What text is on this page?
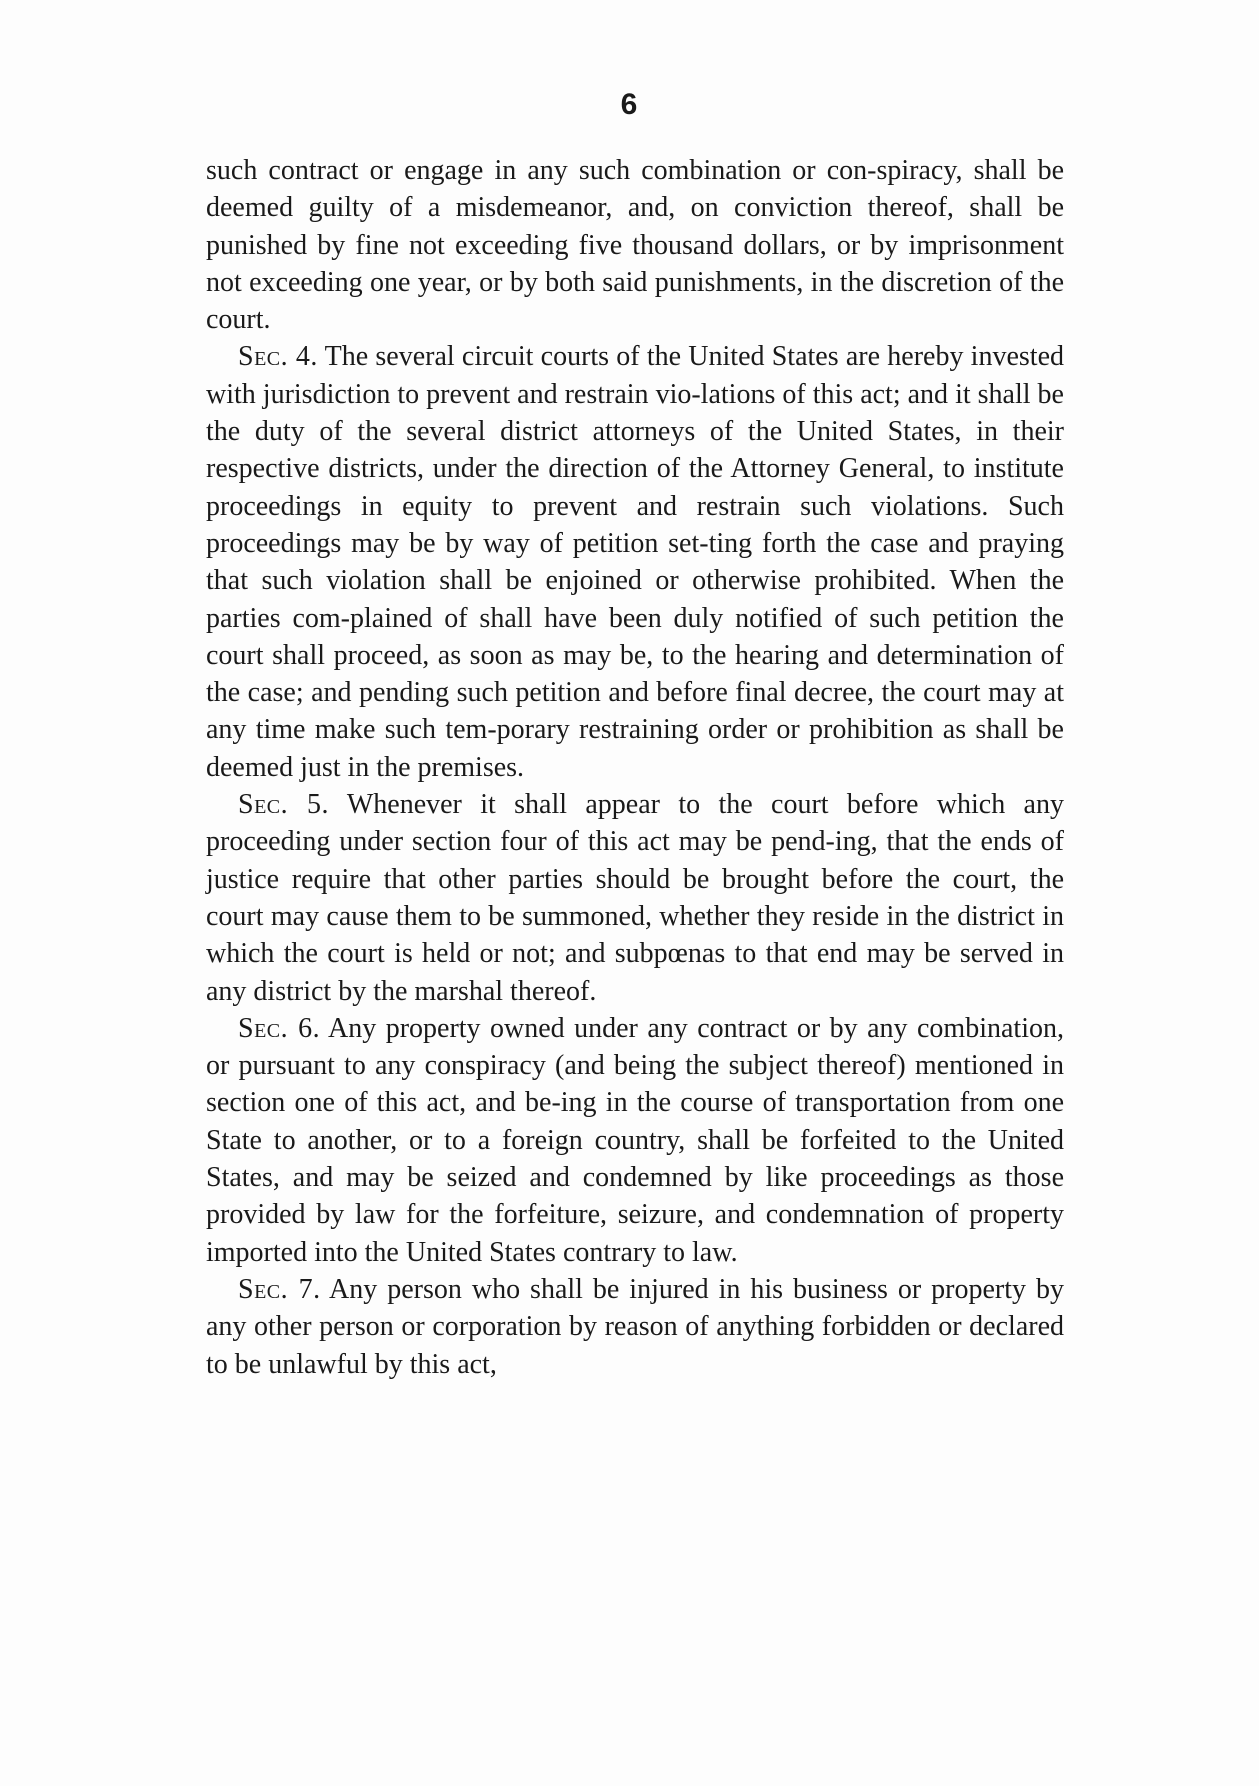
6

such contract or engage in any such combination or con-spiracy, shall be deemed guilty of a misdemeanor, and, on conviction thereof, shall be punished by fine not exceeding five thousand dollars, or by imprisonment not exceeding one year, or by both said punishments, in the discretion of the court.

Sec. 4. The several circuit courts of the United States are hereby invested with jurisdiction to prevent and restrain vio-lations of this act; and it shall be the duty of the several district attorneys of the United States, in their respective districts, under the direction of the Attorney General, to institute proceedings in equity to prevent and restrain such violations. Such proceedings may be by way of petition set-ting forth the case and praying that such violation shall be enjoined or otherwise prohibited. When the parties com-plained of shall have been duly notified of such petition the court shall proceed, as soon as may be, to the hearing and determination of the case; and pending such petition and before final decree, the court may at any time make such tem-porary restraining order or prohibition as shall be deemed just in the premises.

Sec. 5. Whenever it shall appear to the court before which any proceeding under section four of this act may be pend-ing, that the ends of justice require that other parties should be brought before the court, the court may cause them to be summoned, whether they reside in the district in which the court is held or not; and subpœnas to that end may be served in any district by the marshal thereof.

Sec. 6. Any property owned under any contract or by any combination, or pursuant to any conspiracy (and being the subject thereof) mentioned in section one of this act, and be-ing in the course of transportation from one State to another, or to a foreign country, shall be forfeited to the United States, and may be seized and condemned by like proceedings as those provided by law for the forfeiture, seizure, and condemnation of property imported into the United States contrary to law.

Sec. 7. Any person who shall be injured in his business or property by any other person or corporation by reason of anything forbidden or declared to be unlawful by this act,
